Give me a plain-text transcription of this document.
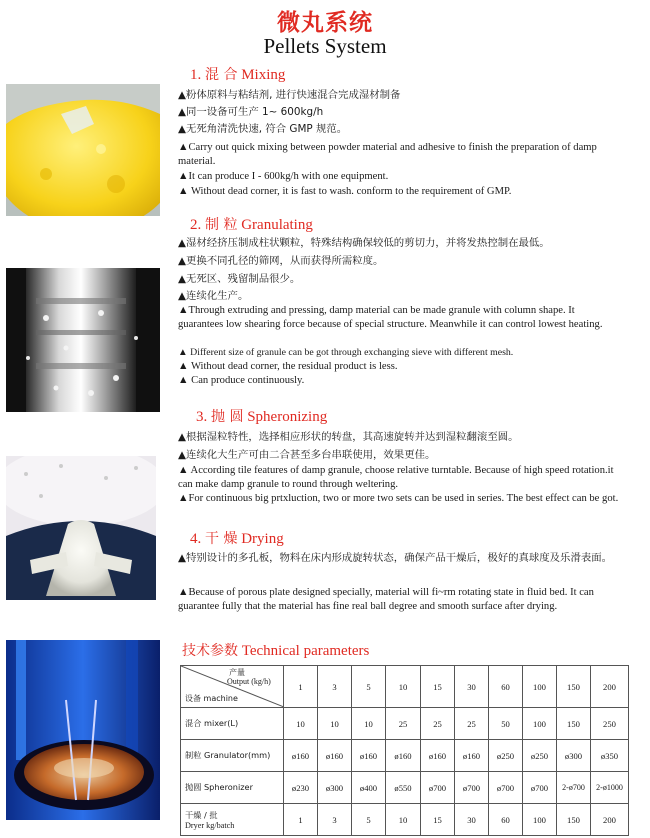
微丸系统
Pellets System
1. 混 合 Mixing
▲粉体原料与粘结剂, 进行快速混合完成湿材制备
▲同一设备可生产 1~ 600kg/h
▲无死角清洗快速, 符合 GMP 规范。
▲Carry out quick mixing between powder material and adhesive to finish the preparation of damp material.
▲It can produce I - 600kg/h with one equipment.
▲ Without dead corner, it is fast to wash. conform to the requirement of GMP.
2. 制 粒 Granulating
▲湿材经挤压制成柱状颗粒，特殊结构确保较低的剪切力，并将发热控制在最低。
▲更换不同孔径的筛网，从而获得所需粒度。
▲无死区、残留制品很少。
▲连续化生产。
▲Through extruding and pressing, damp material can be made granule with column shape. It guarantees low shearing force because of special structure. Meanwhile it can control lowest heating.
▲ Different size of granule can be got through exchanging sieve with different mesh.
▲ Without dead corner, the residual product is less.
▲ Can produce continuously.
3. 抛 圆 Spheronizing
▲根据湿粒特性，选择相应形状的转盘，其高速旋转并达到湿粒翻滚至圆。
▲连续化大生产可由二合甚至多台串联使用，效果更佳。
▲ According tile features of damp granule, choose relative turntable. Because of high speed rotation.it can make damp granule to round through weltering.
▲For continuous big prtxluction, two or more two sets can be used in series. The best effect can be got.
4. 干 燥 Drying
▲特别设计的多孔板，物料在床内形成旋转状态，确保产品干燥后，极好的真球度及乐滑表面。
▲Because of porous plate designed specially, material will fi~rm rotating state in fluid bed. It can guarantee fully that the material has fine real ball degree and smooth surface after drying.
技术参数 Technical parameters
产量
Output (kg/h)
设备 machine	1	3	5	10	15	30	60	100	150	200
混合 mixer(L)	10	10	10	25	25	25	50	100	150	250
制粒 Granulator(mm)	ø160	ø160	ø160	ø160	ø160	ø160	ø250	ø250	ø300	ø350
抛圆 Spheronizer	ø230	ø300	ø400	ø550	ø700	ø700	ø700	ø700	2-ø700	2-ø1000

干燥 / 批
Dryer kg/batch	1	3	5	10	15	30	60	100	150	200
